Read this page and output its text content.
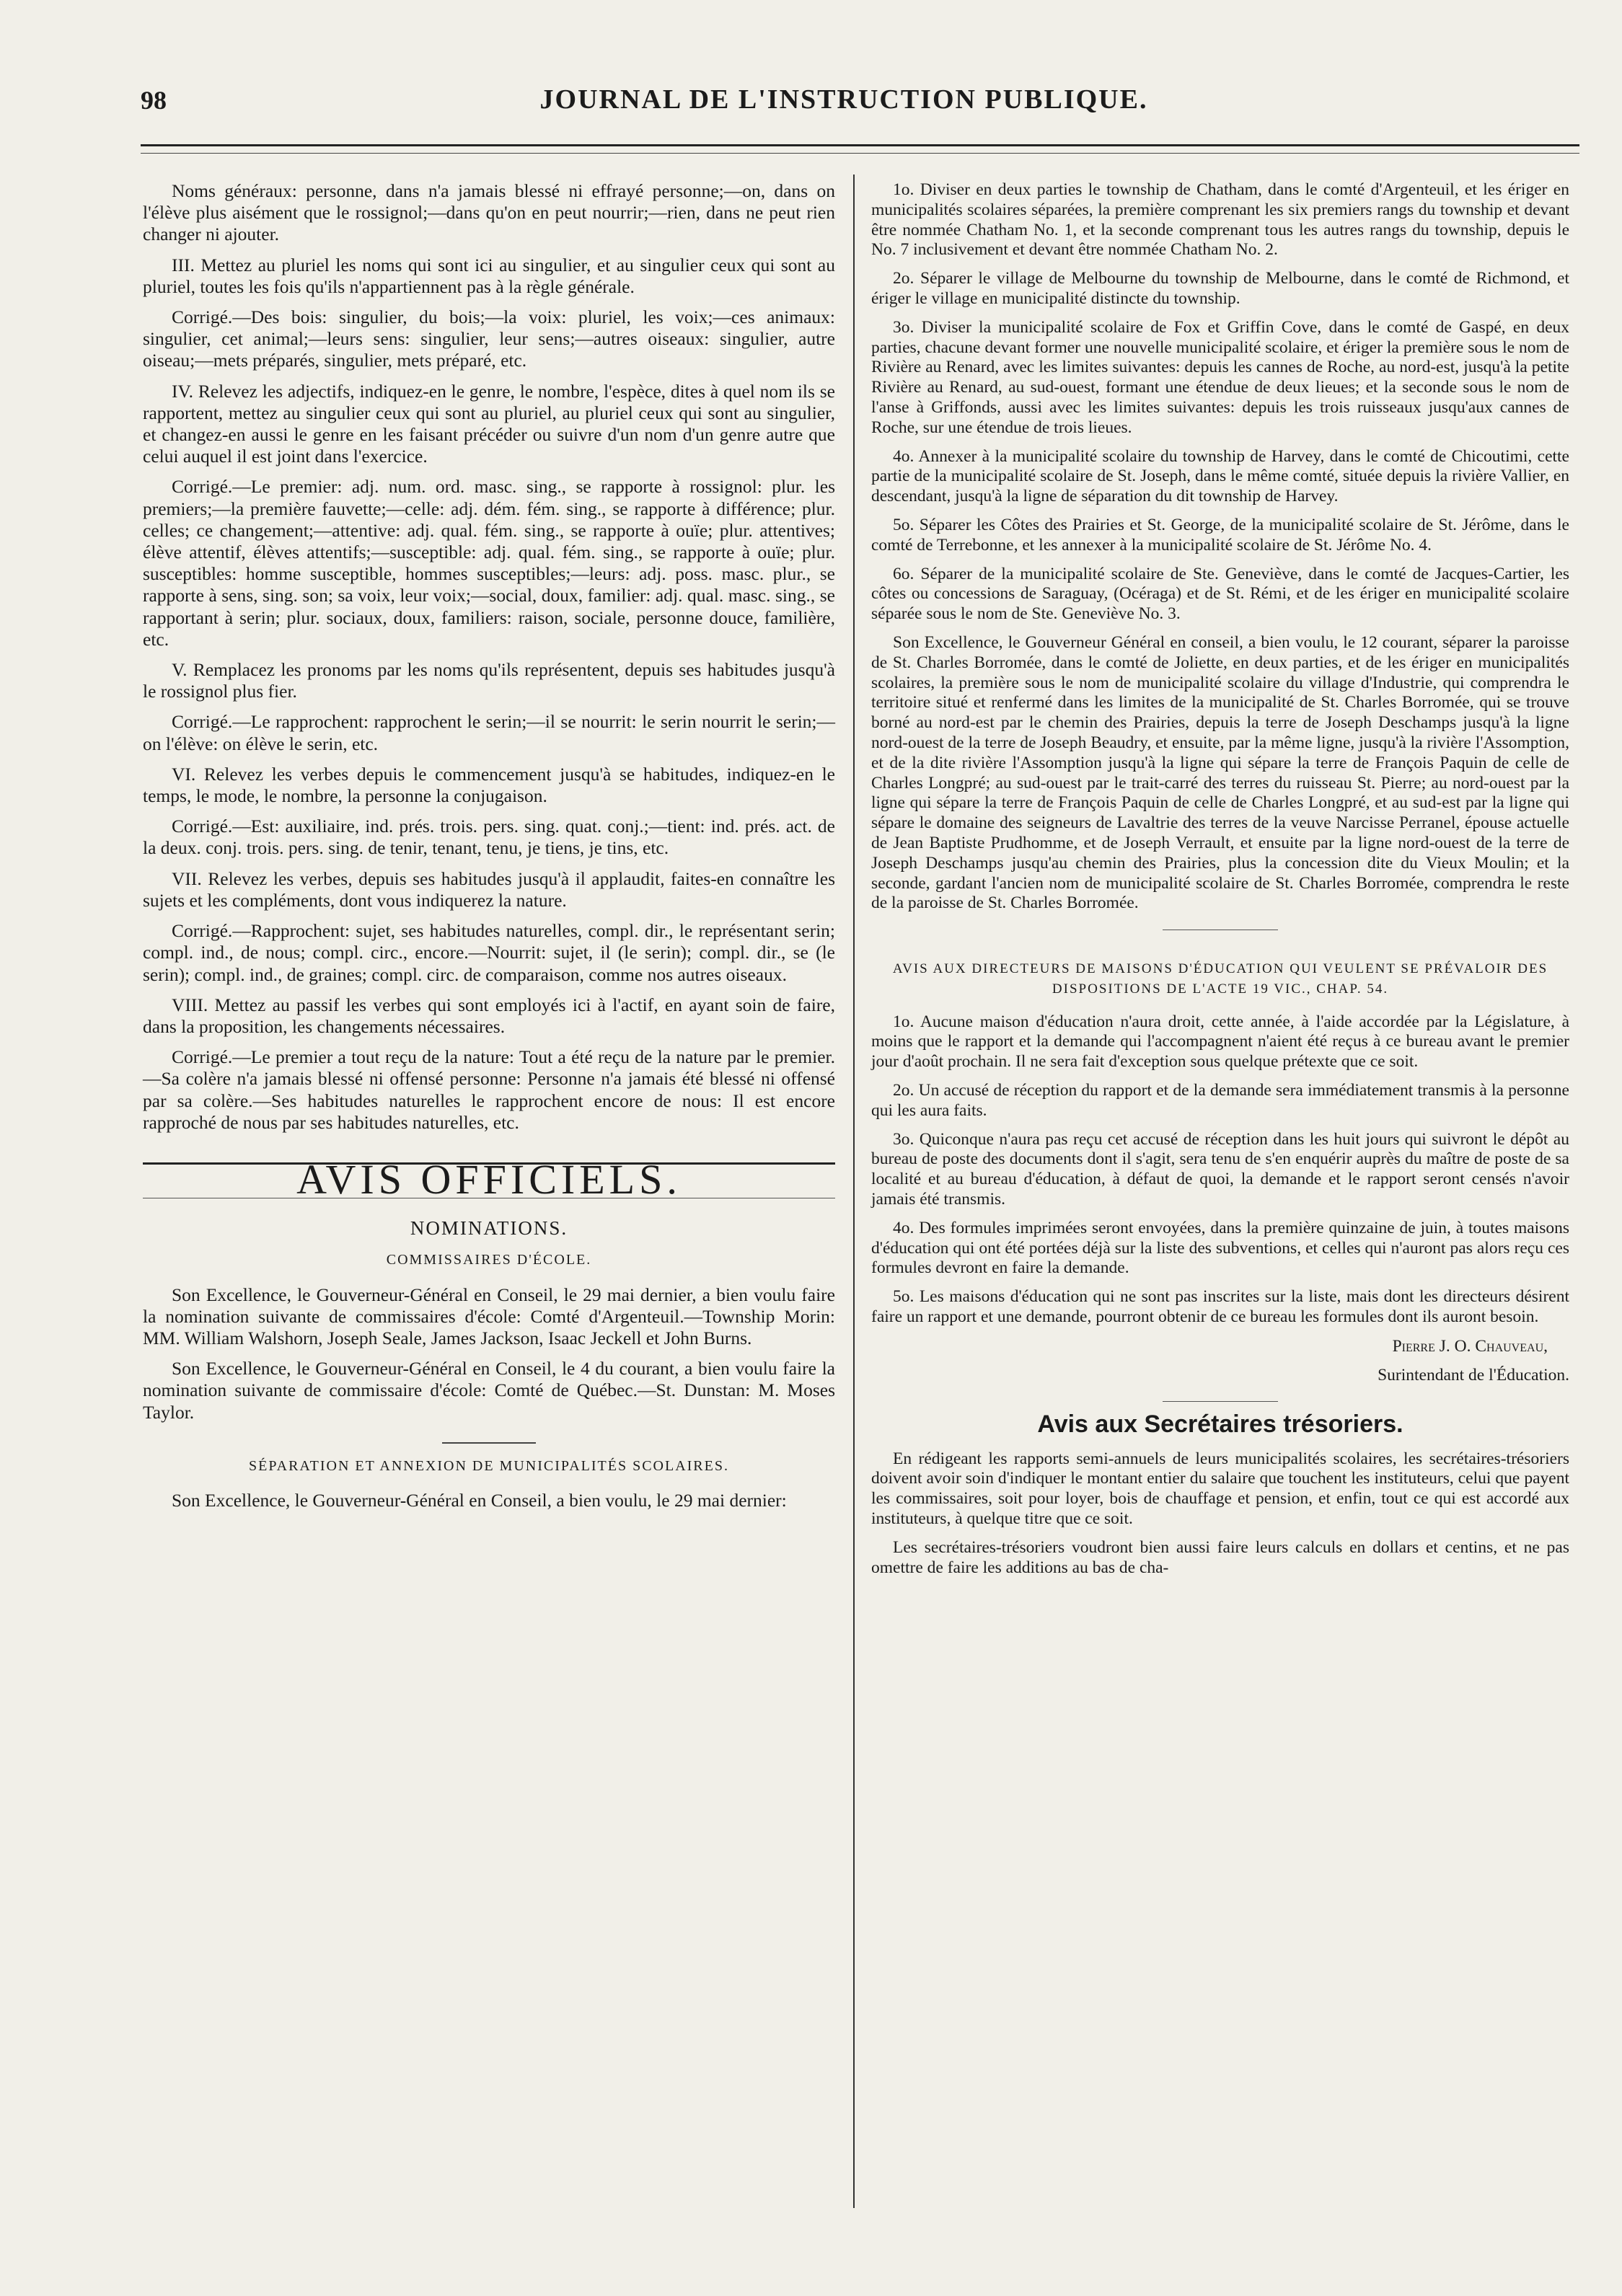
98	JOURNAL DE L'INSTRUCTION PUBLIQUE.

Noms généraux: personne, dans n'a jamais blessé ni effrayé personne;—on, dans on l'élève plus aisément que le rossignol;—dans qu'on en peut nourrir;—rien, dans ne peut rien changer ni ajouter.

III. Mettez au pluriel les noms qui sont ici au singulier, et au singulier ceux qui sont au pluriel, toutes les fois qu'ils n'appartiennent pas à la règle générale.

Corrigé.—Des bois: singulier, du bois;—la voix: pluriel, les voix;—ces animaux: singulier, cet animal;—leurs sens: singulier, leur sens;—autres oiseaux: singulier, autre oiseau;—mets préparés, singulier, mets préparé, etc.

IV. Relevez les adjectifs, indiquez-en le genre, le nombre, l'espèce, dites à quel nom ils se rapportent, mettez au singulier ceux qui sont au pluriel, au pluriel ceux qui sont au singulier, et changez-en aussi le genre en les faisant précéder ou suivre d'un nom d'un genre autre que celui auquel il est joint dans l'exercice.

Corrigé.—Le premier: adj. num. ord. masc. sing., se rapporte à rossignol: plur. les premiers;—la première fauvette;—celle: adj. dém. fém. sing., se rapporte à différence; plur. celles; ce changement;—attentive: adj. qual. fém. sing., se rapporte à ouïe; plur. attentives; élève attentif, élèves attentifs;—susceptible: adj. qual. fém. sing., se rapporte à ouïe; plur. susceptibles: homme susceptible, hommes susceptibles;—leurs: adj. poss. masc. plur., se rapporte à sens, sing. son; sa voix, leur voix;—social, doux, familier: adj. qual. masc. sing., se rapportant à serin; plur. sociaux, doux, familiers: raison, sociale, personne douce, familière, etc.

V. Remplacez les pronoms par les noms qu'ils représentent, depuis ses habitudes jusqu'à le rossignol plus fier.

Corrigé.—Le rapprochent: rapprochent le serin;—il se nourrit: le serin nourrit le serin;—on l'élève: on élève le serin, etc.

VI. Relevez les verbes depuis le commencement jusqu'à se habitudes, indiquez-en le temps, le mode, le nombre, la personne la conjugaison.

Corrigé.—Est: auxiliaire, ind. prés. trois. pers. sing. quat. conj.;—tient: ind. prés. act. de la deux. conj. trois. pers. sing. de tenir, tenant, tenu, je tiens, je tins, etc.

VII. Relevez les verbes, depuis ses habitudes jusqu'à il applaudit, faites-en connaître les sujets et les compléments, dont vous indiquerez la nature.

Corrigé.—Rapprochent: sujet, ses habitudes naturelles, compl. dir., le représentant serin; compl. ind., de nous; compl. circ., encore.—Nourrit: sujet, il (le serin); compl. dir., se (le serin); compl. ind., de graines; compl. circ. de comparaison, comme nos autres oiseaux.

VIII. Mettez au passif les verbes qui sont employés ici à l'actif, en ayant soin de faire, dans la proposition, les changements nécessaires.

Corrigé.—Le premier a tout reçu de la nature: Tout a été reçu de la nature par le premier.—Sa colère n'a jamais blessé ni offensé personne: Personne n'a jamais été blessé ni offensé par sa colère.—Ses habitudes naturelles le rapprochent encore de nous: Il est encore rapproché de nous par ses habitudes naturelles, etc.

AVIS OFFICIELS.
NOMINATIONS.
COMMISSAIRES D'ÉCOLE.

Son Excellence, le Gouverneur-Général en Conseil, le 29 mai dernier, a bien voulu faire la nomination suivante de commissaires d'école: Comté d'Argenteuil.—Township Morin: MM. William Walshorn, Joseph Seale, James Jackson, Isaac Jeckell et John Burns.

Son Excellence, le Gouverneur-Général en Conseil, le 4 du courant, a bien voulu faire la nomination suivante de commissaire d'école: Comté de Québec.—St. Dunstan: M. Moses Taylor.

SÉPARATION ET ANNEXION DE MUNICIPALITÉS SCOLAIRES.

Son Excellence, le Gouverneur-Général en Conseil, a bien voulu, le 29 mai dernier:

1o. Diviser en deux parties le township de Chatham, dans le comté d'Argenteuil, et les ériger en municipalités scolaires séparées, la première comprenant les six premiers rangs du township et devant être nommée Chatham No. 1, et la seconde comprenant tous les autres rangs du township, depuis le No. 7 inclusivement et devant être nommée Chatham No. 2.

2o. Séparer le village de Melbourne du township de Melbourne, dans le comté de Richmond, et ériger le village en municipalité distincte du township.

3o. Diviser la municipalité scolaire de Fox et Griffin Cove, dans le comté de Gaspé, en deux parties, chacune devant former une nouvelle municipalité scolaire, et ériger la première sous le nom de Rivière au Renard, avec les limites suivantes: depuis les cannes de Roche, au nord-est, jusqu'à la petite Rivière au Renard, au sud-ouest, formant une étendue de deux lieues; et la seconde sous le nom de l'anse à Griffonds, aussi avec les limites suivantes: depuis les trois ruisseaux jusqu'aux cannes de Roche, sur une étendue de trois lieues.

4o. Annexer à la municipalité scolaire du township de Harvey, dans le comté de Chicoutimi, cette partie de la municipalité scolaire de St. Joseph, dans le même comté, située depuis la rivière Vallier, en descendant, jusqu'à la ligne de séparation du dit township de Harvey.

5o. Séparer les Côtes des Prairies et St. George, de la municipalité scolaire de St. Jérôme, dans le comté de Terrebonne, et les annexer à la municipalité scolaire de St. Jérôme No. 4.

6o. Séparer de la municipalité scolaire de Ste. Geneviève, dans le comté de Jacques-Cartier, les côtes ou concessions de Saraguay, (Océraga) et de St. Rémi, et de les ériger en municipalité scolaire séparée sous le nom de Ste. Geneviève No. 3.

Son Excellence, le Gouverneur Général en conseil, a bien voulu, le 12 courant, séparer la paroisse de St. Charles Borromée, dans le comté de Joliette, en deux parties, et de les ériger en municipalités scolaires, la première sous le nom de municipalité scolaire du village d'Industrie, qui comprendra le territoire situé et renfermé dans les limites de la municipalité de St. Charles Borromée, qui se trouve borné au nord-est par le chemin des Prairies, depuis la terre de Joseph Deschamps jusqu'à la ligne nord-ouest de la terre de Joseph Beaudry, et ensuite, par la même ligne, jusqu'à la rivière l'Assomption, et de la dite rivière l'Assomption jusqu'à la ligne qui sépare la terre de François Paquin de celle de Charles Longpré; au sud-ouest par le trait-carré des terres du ruisseau St. Pierre; au nord-ouest par la ligne qui sépare la terre de François Paquin de celle de Charles Longpré, et au sud-est par la ligne qui sépare le domaine des seigneurs de Lavaltrie des terres de la veuve Narcisse Perranel, épouse actuelle de Jean Baptiste Prudhomme, et de Joseph Verrault, et ensuite par la ligne nord-ouest de la terre de Joseph Deschamps jusqu'au chemin des Prairies, plus la concession dite du Vieux Moulin; et la seconde, gardant l'ancien nom de municipalité scolaire de St. Charles Borromée, comprendra le reste de la paroisse de St. Charles Borromée.

AVIS AUX DIRECTEURS DE MAISONS D'ÉDUCATION QUI VEULENT SE PRÉVALOIR DES DISPOSITIONS DE L'ACTE 19 VIC., CHAP. 54.

1o. Aucune maison d'éducation n'aura droit, cette année, à l'aide accordée par la Législature, à moins que le rapport et la demande qui l'accompagnent n'aient été reçus à ce bureau avant le premier jour d'août prochain. Il ne sera fait d'exception sous quelque prétexte que ce soit.

2o. Un accusé de réception du rapport et de la demande sera immédiatement transmis à la personne qui les aura faits.

3o. Quiconque n'aura pas reçu cet accusé de réception dans les huit jours qui suivront le dépôt au bureau de poste des documents dont il s'agit, sera tenu de s'en enquérir auprès du maître de poste de sa localité et au bureau d'éducation, à défaut de quoi, la demande et le rapport seront censés n'avoir jamais été transmis.

4o. Des formules imprimées seront envoyées, dans la première quinzaine de juin, à toutes maisons d'éducation qui ont été portées déjà sur la liste des subventions, et celles qui n'auront pas alors reçu ces formules devront en faire la demande.

5o. Les maisons d'éducation qui ne sont pas inscrites sur la liste, mais dont les directeurs désirent faire un rapport et une demande, pourront obtenir de ce bureau les formules dont ils auront besoin.

Pierre J. O. Chauveau,

Surintendant de l'Éducation.

Avis aux Secrétaires trésoriers.

En rédigeant les rapports semi-annuels de leurs municipalités scolaires, les secrétaires-trésoriers doivent avoir soin d'indiquer le montant entier du salaire que touchent les instituteurs, celui que payent les commissaires, soit pour loyer, bois de chauffage et pension, et enfin, tout ce qui est accordé aux instituteurs, à quelque titre que ce soit.

Les secrétaires-trésoriers voudront bien aussi faire leurs calculs en dollars et centins, et ne pas omettre de faire les additions au bas de cha-
